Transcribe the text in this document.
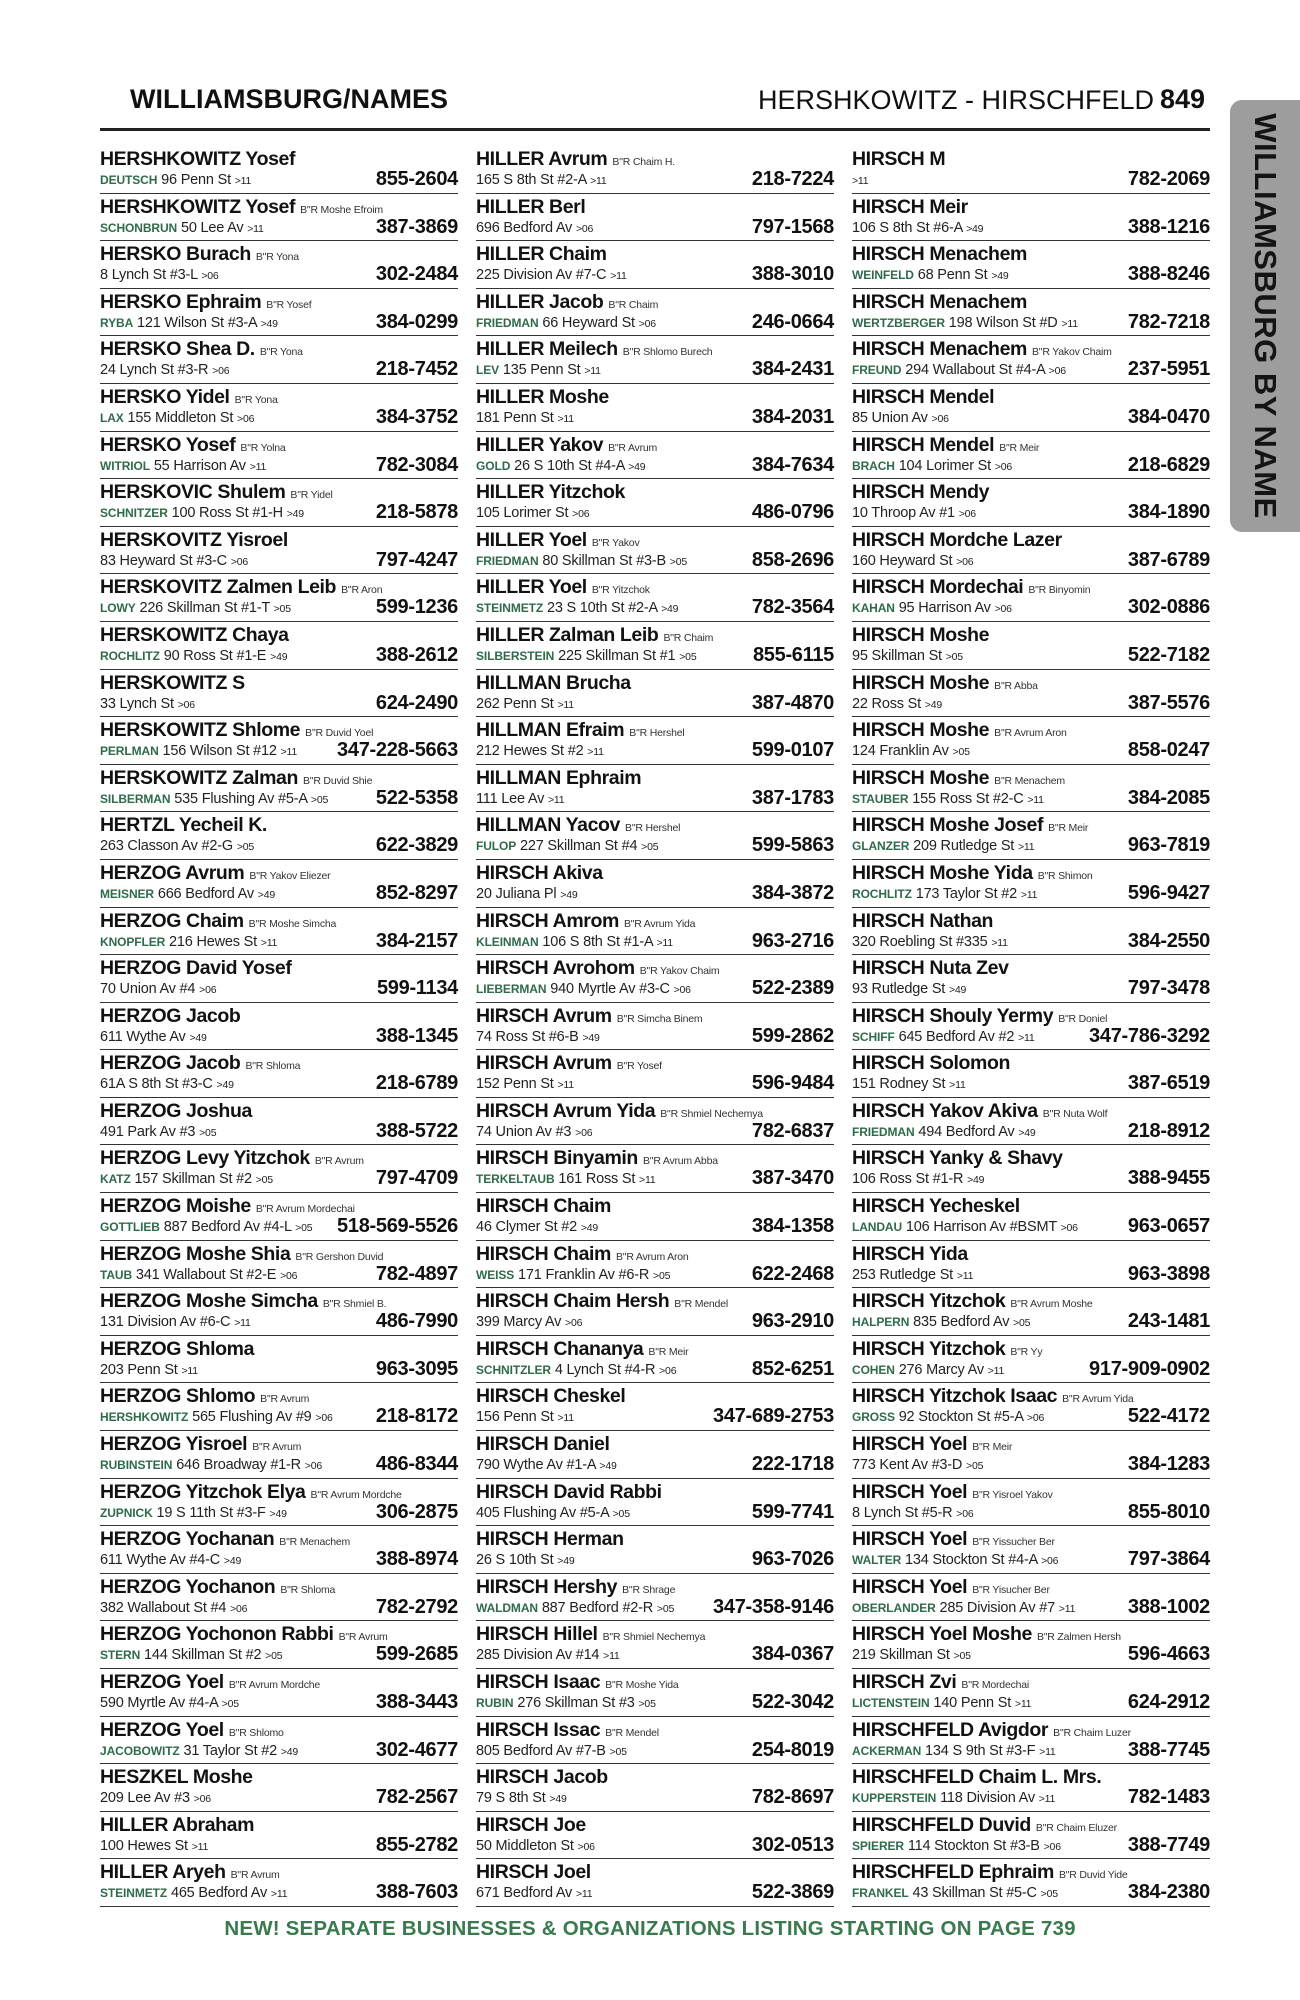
WILLIAMSBURG/NAMES	HERSHKOWITZ - HIRSCHFELD 849
WILLIAMSBURG BY NAME
HERSHKOWITZ Yosef
DEUTSCH 96 Penn St >11	855-2604
HERSHKOWITZ Yosef B"R Moshe Efroim
SCHONBRUN 50 Lee Av >11	387-3869
HERSKO Burach B"R Yona
8 Lynch St #3-L >06	302-2484
HERSKO Ephraim B"R Yosef
RYBA 121 Wilson St #3-A >49	384-0299
HERSKO Shea D. B"R Yona
24 Lynch St #3-R >06	218-7452
HERSKO Yidel B"R Yona
LAX 155 Middleton St >06	384-3752
HERSKO Yosef B"R Yolna
WITRIOL 55 Harrison Av >11	782-3084
HERSKOVIC Shulem B"R Yidel
SCHNITZER 100 Ross St #1-H >49	218-5878
HERSKOVITZ Yisroel
83 Heyward St #3-C >06	797-4247
HERSKOVITZ Zalmen Leib B"R Aron
LOWY 226 Skillman St #1-T >05	599-1236
HERSKOWITZ Chaya
ROCHLITZ 90 Ross St #1-E >49	388-2612
HERSKOWITZ S
33 Lynch St >06	624-2490
HERSKOWITZ Shlome B"R Duvid Yoel
PERLMAN 156 Wilson St #12 >11 347-228-5663
HERSKOWITZ Zalman B"R Duvid Shie
SILBERMAN 535 Flushing Av #5-A >05 522-5358
HERTZL Yecheil K.
263 Classon Av #2-G >05	622-3829
HERZOG Avrum B"R Yakov Eliezer
MEISNER 666 Bedford Av >49	852-8297
HERZOG Chaim B"R Moshe Simcha
KNOPFLER 216 Hewes St >11	384-2157
HERZOG David Yosef
70 Union Av #4 >06	599-1134
HERZOG Jacob
611 Wythe Av >49	388-1345
HERZOG Jacob B"R Shloma
61A S 8th St #3-C >49	218-6789
HERZOG Joshua
491 Park Av #3 >05	388-5722
HERZOG Levy Yitzchok B"R Avrum
KATZ 157 Skillman St #2 >05	797-4709
HERZOG Moishe B"R Avrum Mordechai
GOTTLIEB 887 Bedford Av #4-L >05 518-569-5526
HERZOG Moshe Shia B"R Gershon Duvid
TAUB 341 Wallabout St #2-E >06	782-4897
HERZOG Moshe Simcha B"R Shmiel B.
131 Division Av #6-C >11	486-7990
HERZOG Shloma
203 Penn St >11	963-3095
HERZOG Shlomo B"R Avrum
HERSHKOWITZ 565 Flushing Av #9 >06 218-8172
HERZOG Yisroel B"R Avrum
RUBINSTEIN 646 Broadway #1-R >06	486-8344
HERZOG Yitzchok Elya B"R Avrum Mordche
ZUPNICK 19 S 11th St #3-F >49	306-2875
HERZOG Yochanan B"R Menachem
611 Wythe Av #4-C >49	388-8974
HERZOG Yochanon B"R Shloma
382 Wallabout St #4 >06	782-2792
HERZOG Yochonon Rabbi B"R Avrum
STERN 144 Skillman St #2 >05	599-2685
HERZOG Yoel B"R Avrum Mordche
590 Myrtle Av #4-A >05	388-3443
HERZOG Yoel B"R Shlomo
JACOBOWITZ 31 Taylor St #2 >49	302-4677
HESZKEL Moshe
209 Lee Av #3 >06	782-2567
HILLER Abraham
100 Hewes St >11	855-2782
HILLER Aryeh B"R Avrum
STEINMETZ 465 Bedford Av >11	388-7603
HILLER Avrum B"R Chaim H.
165 S 8th St #2-A >11	218-7224
HILLER Berl
696 Bedford Av >06	797-1568
HILLER Chaim
225 Division Av #7-C >11	388-3010
HILLER Jacob B"R Chaim
FRIEDMAN 66 Heyward St >06	246-0664
HILLER Meilech B"R Shlomo Burech
LEV 135 Penn St >11	384-2431
HILLER Moshe
181 Penn St >11	384-2031
HILLER Yakov B"R Avrum
GOLD 26 S 10th St #4-A >49	384-7634
HILLER Yitzchok
105 Lorimer St >06	486-0796
HILLER Yoel B"R Yakov
FRIEDMAN 80 Skillman St #3-B >05	858-2696
HILLER Yoel B"R Yitzchok
STEINMETZ 23 S 10th St #2-A >49	782-3564
HILLER Zalman Leib B"R Chaim
SILBERSTEIN 225 Skillman St #1 >05	855-6115
HILLMAN Brucha
262 Penn St >11	387-4870
HILLMAN Efraim B"R Hershel
212 Hewes St #2 >11	599-0107
HILLMAN Ephraim
111 Lee Av >11	387-1783
HILLMAN Yacov B"R Hershel
FULOP 227 Skillman St #4 >05	599-5863
HIRSCH Akiva
20 Juliana Pl >49	384-3872
HIRSCH Amrom B"R Avrum Yida
KLEINMAN 106 S 8th St #1-A >11	963-2716
HIRSCH Avrohom B"R Yakov Chaim
LIEBERMAN 940 Myrtle Av #3-C >06	522-2389
HIRSCH Avrum B"R Simcha Binem
74 Ross St #6-B >49	599-2862
HIRSCH Avrum B"R Yosef
152 Penn St >11	596-9484
HIRSCH Avrum Yida B"R Shmiel Nechemya
74 Union Av #3 >06	782-6837
HIRSCH Binyamin B"R Avrum Abba
TERKELTAUB 161 Ross St >11	387-3470
HIRSCH Chaim
46 Clymer St #2 >49	384-1358
HIRSCH Chaim B"R Avrum Aron
WEISS 171 Franklin Av #6-R >05	622-2468
HIRSCH Chaim Hersh B"R Mendel
399 Marcy Av >06	963-2910
HIRSCH Chananya B"R Meir
SCHNITZLER 4 Lynch St #4-R >06	852-6251
HIRSCH Cheskel
156 Penn St >11	347-689-2753
HIRSCH Daniel
790 Wythe Av #1-A >49	222-1718
HIRSCH David Rabbi
405 Flushing Av #5-A >05	599-7741
HIRSCH Herman
26 S 10th St >49	963-7026
HIRSCH Hershy B"R Shrage
WALDMAN 887 Bedford #2-R >05 347-358-9146
HIRSCH Hillel B"R Shmiel Nechemya
285 Division Av #14 >11	384-0367
HIRSCH Isaac B"R Moshe Yida
RUBIN 276 Skillman St #3 >05	522-3042
HIRSCH Issac B"R Mendel
805 Bedford Av #7-B >05	254-8019
HIRSCH Jacob
79 S 8th St >49	782-8697
HIRSCH Joe
50 Middleton St >06	302-0513
HIRSCH Joel
671 Bedford Av >11	522-3869
HIRSCH M
>11	782-2069
HIRSCH Meir
106 S 8th St #6-A >49	388-1216
HIRSCH Menachem
WEINFELD 68 Penn St >49	388-8246
HIRSCH Menachem
WERTZBERGER 198 Wilson St #D >11	782-7218
HIRSCH Menachem B"R Yakov Chaim
FREUND 294 Wallabout St #4-A >06	237-5951
HIRSCH Mendel
85 Union Av >06	384-0470
HIRSCH Mendel B"R Meir
BRACH 104 Lorimer St >06	218-6829
HIRSCH Mendy
10 Throop Av #1 >06	384-1890
HIRSCH Mordche Lazer
160 Heyward St >06	387-6789
HIRSCH Mordechai B"R Binyomin
KAHAN 95 Harrison Av >06	302-0886
HIRSCH Moshe
95 Skillman St >05	522-7182
HIRSCH Moshe B"R Abba
22 Ross St >49	387-5576
HIRSCH Moshe B"R Avrum Aron
124 Franklin Av >05	858-0247
HIRSCH Moshe B"R Menachem
STAUBER 155 Ross St #2-C >11	384-2085
HIRSCH Moshe Josef B"R Meir
GLANZER 209 Rutledge St >11	963-7819
HIRSCH Moshe Yida B"R Shimon
ROCHLITZ 173 Taylor St #2 >11	596-9427
HIRSCH Nathan
320 Roebling St #335 >11	384-2550
HIRSCH Nuta Zev
93 Rutledge St >49	797-3478
HIRSCH Shouly Yermy B"R Doniel
SCHIFF 645 Bedford Av #2 >11	347-786-3292
HIRSCH Solomon
151 Rodney St >11	387-6519
HIRSCH Yakov Akiva B"R Nuta Wolf
FRIEDMAN 494 Bedford Av >49	218-8912
HIRSCH Yanky & Shavy
106 Ross St #1-R >49	388-9455
HIRSCH Yecheskel
LANDAU 106 Harrison Av #BSMT >06	963-0657
HIRSCH Yida
253 Rutledge St >11	963-3898
HIRSCH Yitzchok B"R Avrum Moshe
HALPERN 835 Bedford Av >05	243-1481
HIRSCH Yitzchok B"R Yy
COHEN 276 Marcy Av >11	917-909-0902
HIRSCH Yitzchok Isaac B"R Avrum Yida
GROSS 92 Stockton St #5-A >06	522-4172
HIRSCH Yoel B"R Meir
773 Kent Av #3-D >05	384-1283
HIRSCH Yoel B"R Yisroel Yakov
8 Lynch St #5-R >06	855-8010
HIRSCH Yoel B"R Yissucher Ber
WALTER 134 Stockton St #4-A >06	797-3864
HIRSCH Yoel B"R Yisucher Ber
OBERLANDER 285 Division Av #7 >11	388-1002
HIRSCH Yoel Moshe B"R Zalmen Hersh
219 Skillman St >05	596-4663
HIRSCH Zvi B"R Mordechai
LICTENSTEIN 140 Penn St >11	624-2912
HIRSCHFELD Avigdor B"R Chaim Luzer
ACKERMAN 134 S 9th St #3-F >11	388-7745
HIRSCHFELD Chaim L. Mrs.
KUPPERSTEIN 118 Division Av >11	782-1483
HIRSCHFELD Duvid B"R Chaim Eluzer
SPIERER 114 Stockton St #3-B >06	388-7749
HIRSCHFELD Ephraim B"R Duvid Yide
FRANKEL 43 Skillman St #5-C >05	384-2380
NEW! SEPARATE BUSINESSES & ORGANIZATIONS LISTING STARTING ON PAGE 739
